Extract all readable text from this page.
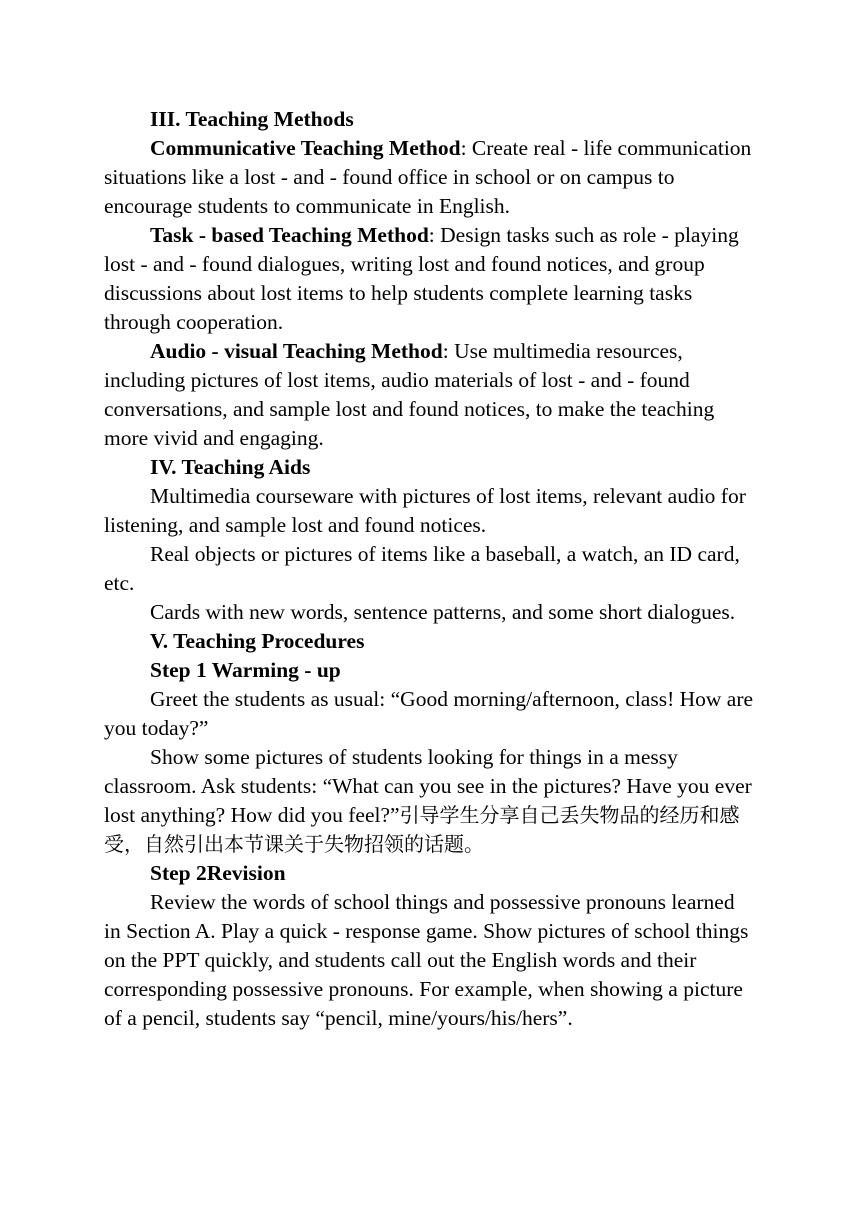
III. Teaching Methods

Communicative Teaching Method: Create real - life communication situations like a lost - and - found office in school or on campus to encourage students to communicate in English.

Task - based Teaching Method: Design tasks such as role - playing lost - and - found dialogues, writing lost and found notices, and group discussions about lost items to help students complete learning tasks through cooperation.

Audio - visual Teaching Method: Use multimedia resources, including pictures of lost items, audio materials of lost - and - found conversations, and sample lost and found notices, to make the teaching more vivid and engaging.

IV. Teaching Aids

Multimedia courseware with pictures of lost items, relevant audio for listening, and sample lost and found notices.

Real objects or pictures of items like a baseball, a watch, an ID card, etc.

Cards with new words, sentence patterns, and some short dialogues.

V. Teaching Procedures

Step 1 Warming - up

Greet the students as usual: “Good morning/afternoon, class! How are you today?”

Show some pictures of students looking for things in a messy classroom. Ask students: “What can you see in the pictures? Have you ever lost anything? How did you feel?”引导学生分享自己丢失物品的经历和感受，自然引出本节课关于失物招领的话题。

Step 2Revision

Review the words of school things and possessive pronouns learned in Section A. Play a quick - response game. Show pictures of school things on the PPT quickly, and students call out the English words and their corresponding possessive pronouns. For example, when showing a picture of a pencil, students say “pencil, mine/yours/his/hers”.
